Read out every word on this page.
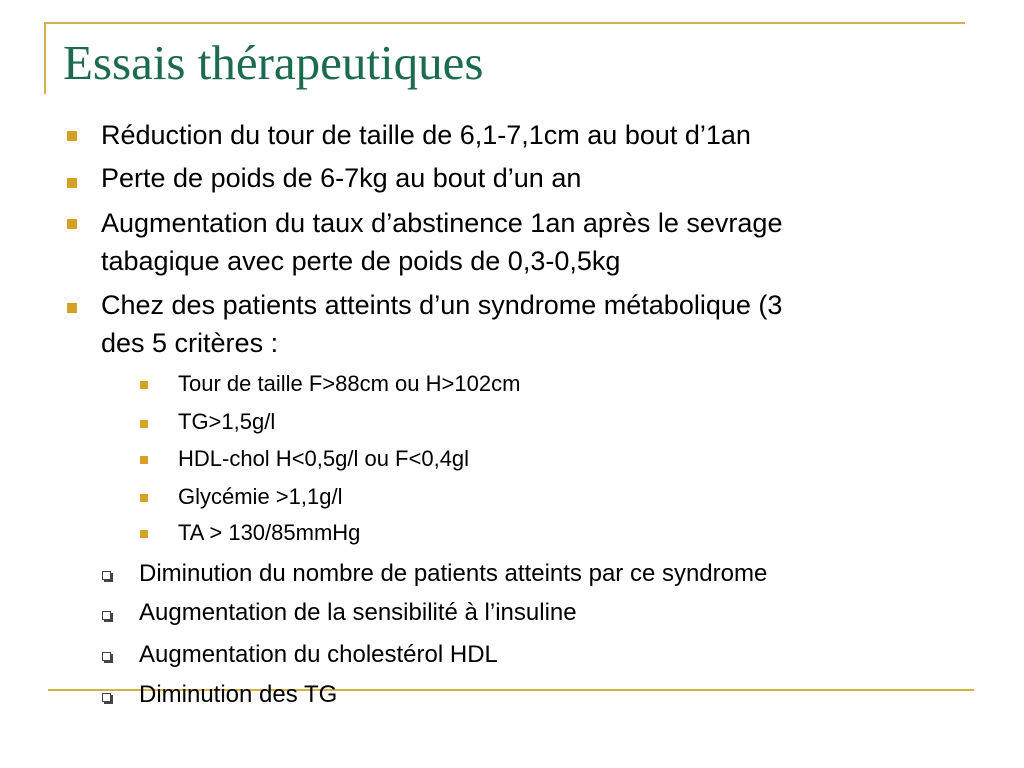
Essais thérapeutiques
Réduction du tour de taille de 6,1-7,1cm au bout d’1an
Perte de poids de 6-7kg au bout d’un an
Augmentation du taux d’abstinence 1an après le sevrage
tabagique avec perte de poids de 0,3-0,5kg
Chez des patients atteints d’un syndrome métabolique (3
des 5 critères :
Tour de taille F>88cm ou H>102cm
TG>1,5g/l
HDL-chol H<0,5g/l ou F<0,4gl
Glycémie >1,1g/l
TA > 130/85mmHg
Diminution du nombre de patients atteints par ce syndrome
Augmentation de la sensibilité à l’insuline
Augmentation du cholestérol HDL
Diminution des TG
